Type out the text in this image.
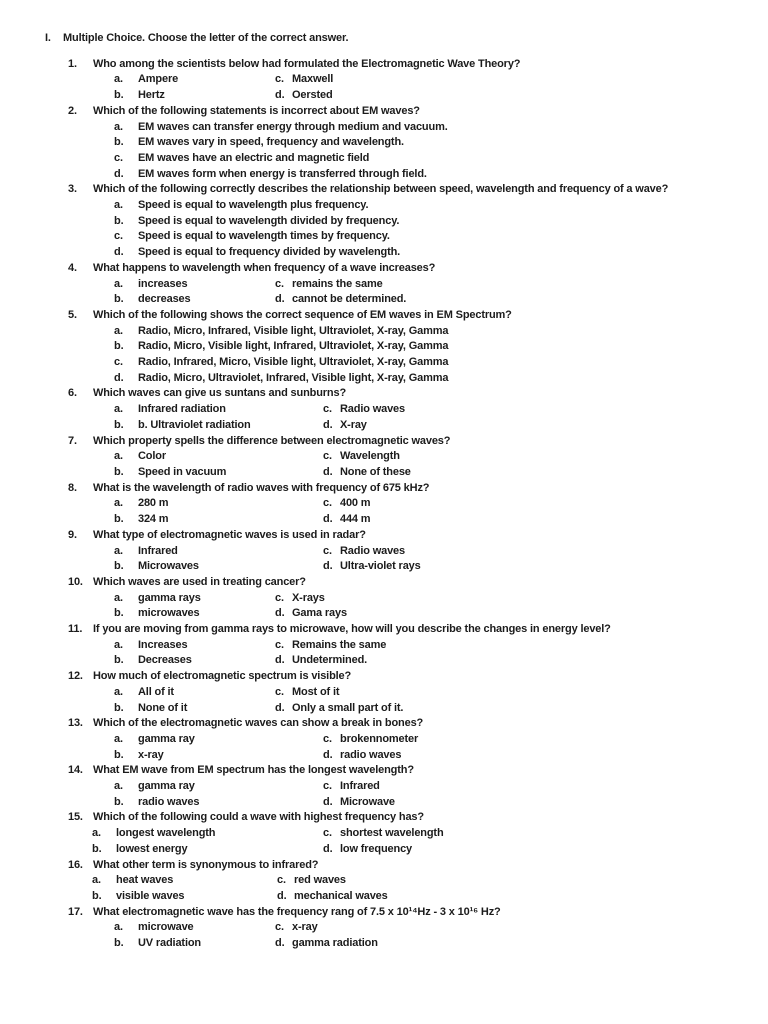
I.	Multiple Choice. Choose the letter of the correct answer.
1.	Who among the scientists below had formulated the Electromagnetic Wave Theory?
a.	Ampere	c. Maxwell
b.	Hertz	d. Oersted
2.	Which of the following statements is incorrect about EM waves?
a.	EM waves can transfer energy through medium and vacuum.
b.	EM waves vary in speed, frequency and wavelength.
c.	EM waves have an electric and magnetic field
d.	EM waves form when energy is transferred through field.
3.	Which of the following correctly describes the relationship between speed, wavelength and frequency of a wave?
a.	Speed is equal to wavelength plus frequency.
b.	Speed is equal to wavelength divided by frequency.
c.	Speed is equal to wavelength times by frequency.
d.	Speed is equal to frequency divided by wavelength.
4.	What happens to wavelength when frequency of a wave increases?
a.	increases	c. remains the same
b.	decreases	d. cannot be determined.
5.	Which of the following shows the correct sequence of EM waves in EM Spectrum?
a.	Radio, Micro, Infrared, Visible light, Ultraviolet, X-ray, Gamma
b.	Radio, Micro, Visible light, Infrared, Ultraviolet, X-ray, Gamma
c.	Radio, Infrared, Micro, Visible light, Ultraviolet, X-ray, Gamma
d.	Radio, Micro, Ultraviolet, Infrared, Visible light, X-ray, Gamma
6.	Which waves can give us suntans and sunburns?
a.	Infrared radiation	c. Radio waves
b.	b. Ultraviolet radiation	d. X-ray
7.	Which property spells the difference between electromagnetic waves?
a.	Color	c. Wavelength
b.	Speed in vacuum	d. None of these
8.	What is the wavelength of radio waves with frequency of 675 kHz?
a.	280 m	c. 400 m
b.	324 m	d. 444 m
9.	What type of electromagnetic waves is used in radar?
a.	Infrared	c. Radio waves
b.	Microwaves	d. Ultra-violet rays
10. Which waves are used in treating cancer?
a.	gamma rays	c. X-rays
b.	microwaves	d. Gama rays
11. If you are moving from gamma rays to microwave, how will you describe the changes in energy level?
a.	Increases	c. Remains the same
b.	Decreases	d. Undetermined.
12. How much of electromagnetic spectrum is visible?
a.	All of it	c. Most of it
b.	None of it	d. Only a small part of it.
13. Which of the electromagnetic waves can show a break in bones?
a.	gamma ray	c. brokennometer
b.	x-ray	d. radio waves
14. What EM wave from EM spectrum has the longest wavelength?
a.	gamma ray	c. Infrared
b.	radio waves	d. Microwave
15. Which of the following could a wave with highest frequency has?
a.	longest wavelength	c. shortest wavelength
b.	lowest energy	d. low frequency
16. What other term is synonymous to infrared?
a.	heat waves	c. red waves
b.	visible waves	d. mechanical waves
17. What electromagnetic wave has the frequency rang of 7.5 x 10¹⁴Hz - 3 x 10¹⁶ Hz?
a.	microwave	c. x-ray
b.	UV radiation	d. gamma radiation
